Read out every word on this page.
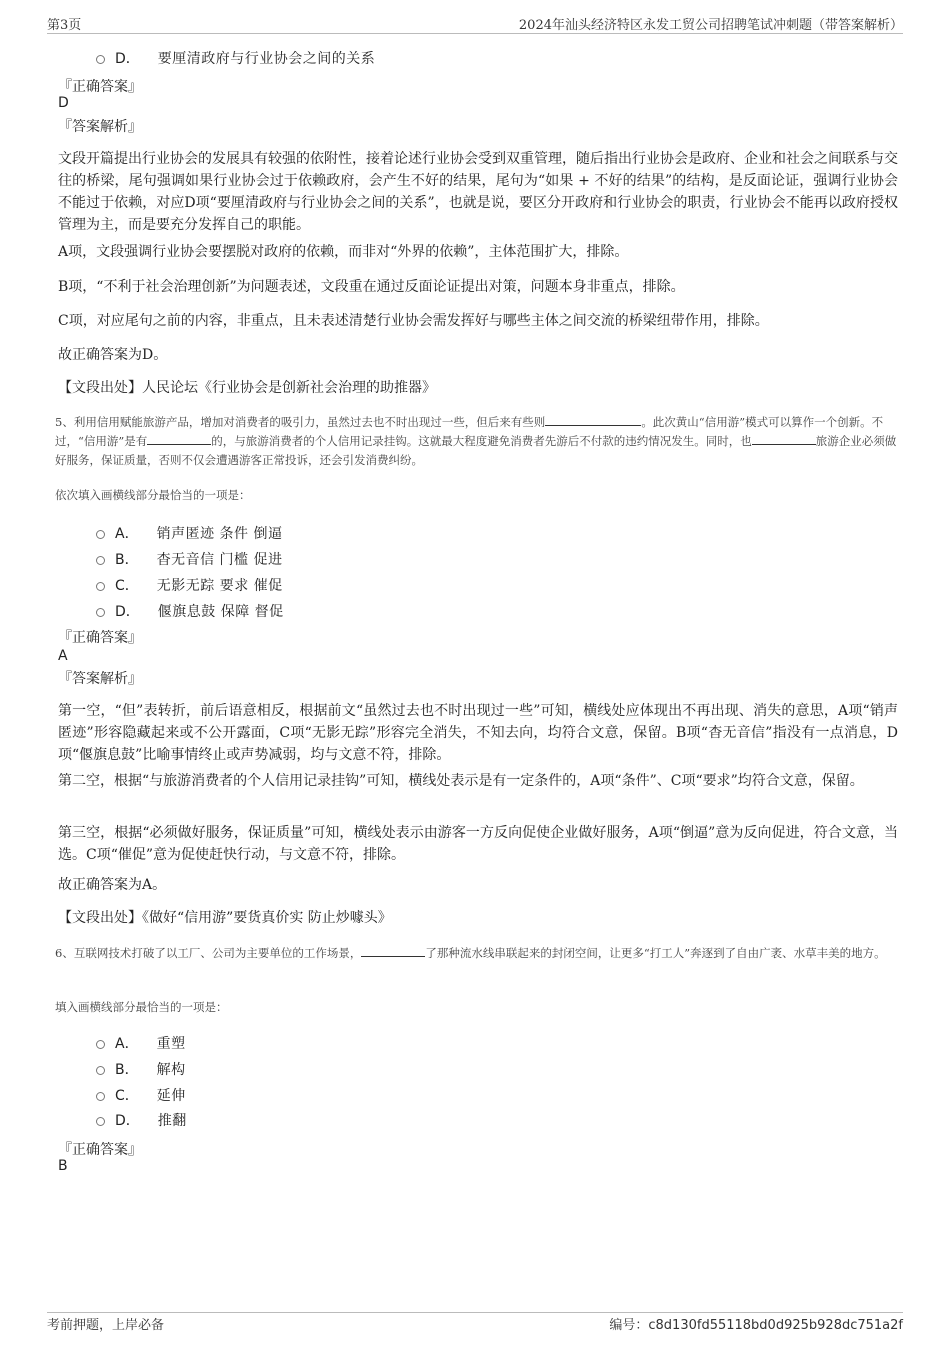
第3页	2024年汕头经济特区永发工贸公司招聘笔试冲刺题（带答案解析）
D． 要厘清政府与行业协会之间的关系
『正确答案』
D
『答案解析』
文段开篇提出行业协会的发展具有较强的依附性，接着论述行业协会受到双重管理，随后指出行业协会是政府、企业和社会之间联系与交往的桥梁，尾句强调如果行业协会过于依赖政府，会产生不好的结果，尾句为“如果 + 不好的结果”的结构，是反面论证，强调行业协会不能过于依赖，对应D项“要厘清政府与行业协会之间的关系”，也就是说，要区分开政府和行业协会的职责，行业协会不能再以政府授权管理为主，而是要充分发挥自己的职能。
A项，文段强调行业协会要摆脱对政府的依赖，而非对“外界的依赖”，主体范围扩大，排除。
B项，“不利于社会治理创新”为问题表述，文段重在通过反面论证提出对策，问题本身非重点，排除。
C项，对应尾句之前的内容，非重点，且未表述清楚行业协会需发挥好与哪些主体之间交流的桥梁纽带作用，排除。
故正确答案为D。
【文段出处】人民论坛《行业协会是创新社会治理的助推器》
5、利用信用赋能旅游产品，增加对消费者的吸引力，虽然过去也不时出现过一些，但后来有些则	。此次黄山“信用游”模式可以算作一个创新。不过，“信用游”是有	的，与旅游消费者的个人信用记录挂钩。这就最大程度避免消费者先游后不付款的违约情况发生。同时，也	旅游企业必须做好服务，保证质量，否则不仅会遭遇游客正常投诉，还会引发消费纠纷。
依次填入画横线部分最恰当的一项是：
A． 销声匿迹 条件 倒逼
B． 杳无音信 门槛 促进
C． 无影无踪 要求 催促
D． 偃旗息鼓 保障 督促
『正确答案』
A
『答案解析』
第一空，“但”表转折，前后语意相反，根据前文“虽然过去也不时出现过一些”可知，横线处应体现出不再出现、消失的意思，A项“销声匿迹”形容隐藏起来或不公开露面，C项“无影无踪”形容完全消失，不知去向，均符合文意，保留。B项“杳无音信”指没有一点消息，D项“偃旗息鼓”比喻事情终止或声势减弱，均与文意不符，排除。
第二空，根据“与旅游消费者的个人信用记录挂钩”可知，横线处表示是有一定条件的，A项“条件”、C项“要求”均符合文意，保留。
第三空，根据“必须做好服务，保证质量”可知，横线处表示由游客一方反向促使企业做好服务，A项“倒逼”意为反向促进，符合文意，当选。C项“催促”意为促使赶快行动，与文意不符，排除。
故正确答案为A。
【文段出处】《做好“信用游”要货真价实 防止炒噱头》
6、互联网技术打破了以工厂、公司为主要单位的工作场景，	了那种流水线串联起来的封闭空间，让更多“打工人”奔逐到了自由广袤、水草丰美的地方。
填入画横线部分最恰当的一项是：
A． 重塑
B． 解构
C． 延伸
D． 推翻
『正确答案』
B
考前押题，上岸必备	编号：c8d130fd55118bd0d925b928dc751a2f
